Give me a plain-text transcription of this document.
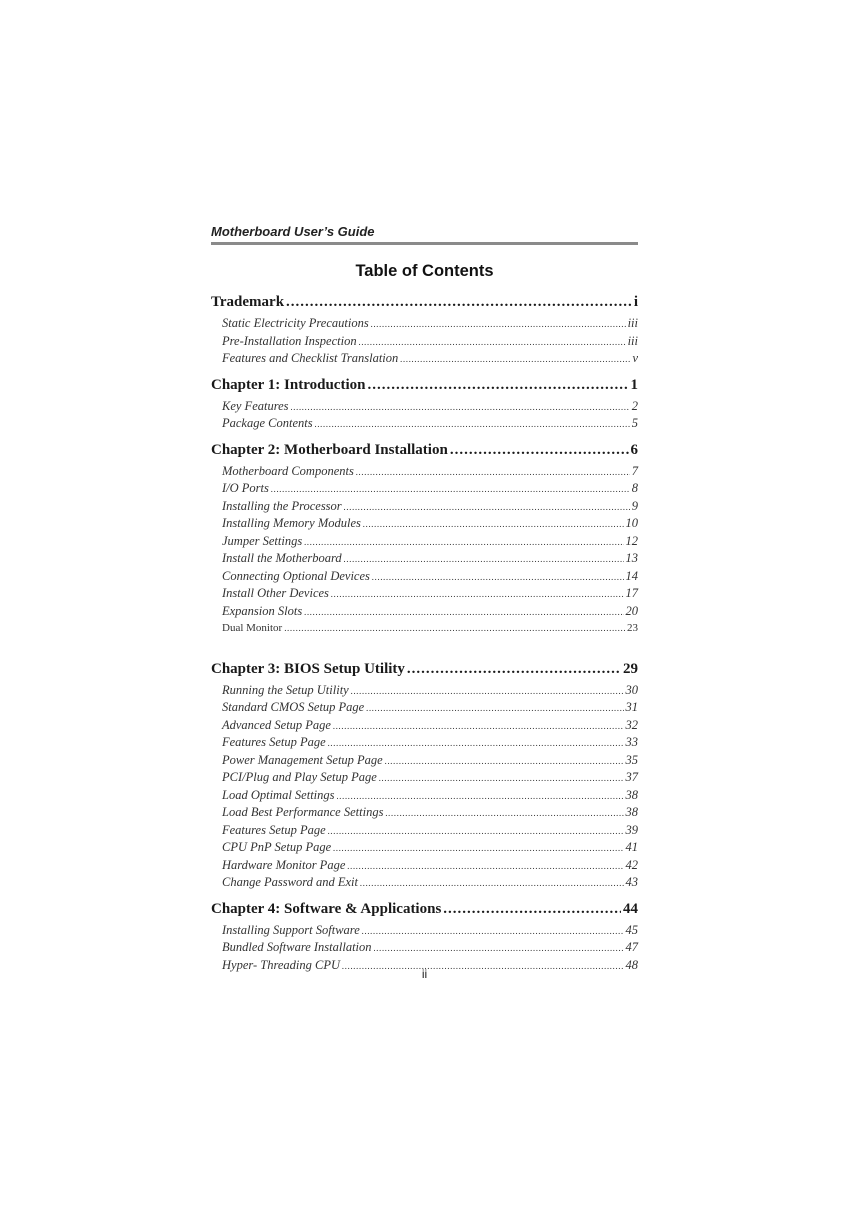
Motherboard User’s Guide
Table of Contents
Trademark .....	i
Static Electricity Precautions .....	iii
Pre-Installation Inspection .....	iii
Features and Checklist Translation .....	v
Chapter 1: Introduction .....	1
Key Features .....	2
Package Contents .....	5
Chapter 2: Motherboard Installation .....	6
Motherboard Components .....	7
I/O Ports .....	8
Installing the Processor .....	9
Installing Memory Modules .....	10
Jumper Settings .....	12
Install the Motherboard .....	13
Connecting Optional Devices .....	14
Install Other Devices .....	17
Expansion Slots .....	20
Dual Monitor .....	23
Chapter 3: BIOS Setup Utility .....	29
Running the Setup Utility .....	30
Standard CMOS Setup Page .....	31
Advanced Setup Page .....	32
Features Setup Page .....	33
Power Management Setup Page .....	35
PCI/Plug and Play Setup Page .....	37
Load Optimal Settings .....	38
Load Best Performance Settings .....	38
Features Setup Page .....	39
CPU PnP Setup Page .....	41
Hardware Monitor Page .....	42
Change Password and Exit .....	43
Chapter 4: Software & Applications .....	44
Installing Support Software .....	45
Bundled Software Installation .....	47
Hyper- Threading CPU .....	48
ii
